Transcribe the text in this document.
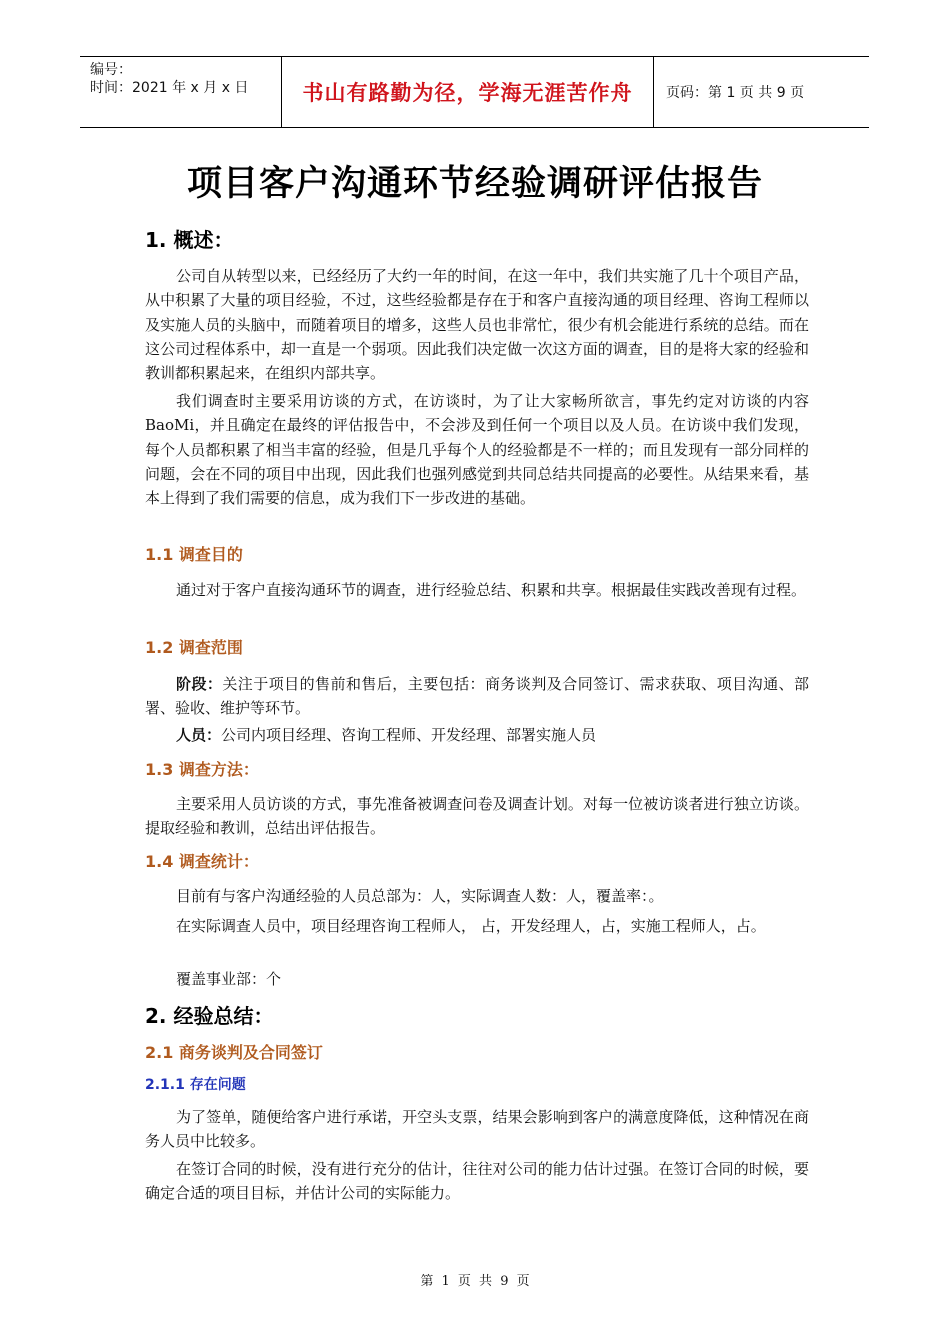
编号：
时间：2021 年 x 月 x 日	书山有路勤为径，学海无涯苦作舟 页码：第 1 页 共 9 页
项目客户沟通环节经验调研评估报告
1. 概述：
公司自从转型以来，已经经历了大约一年的时间，在这一年中，我们共实施了几十个项目产品，从中积累了大量的项目经验，不过，这些经验都是存在于和客户直接沟通的项目经理、咨询工程师以及实施人员的头脑中，而随着项目的增多，这些人员也非常忙，很少有机会能进行系统的总结。而在这公司过程体系中，却一直是一个弱项。因此我们决定做一次这方面的调查，目的是将大家的经验和教训都积累起来，在组织内部共享。
我们调查时主要采用访谈的方式，在访谈时，为了让大家畅所欲言，事先约定对访谈的内容 BaoMi，并且确定在最终的评估报告中，不会涉及到任何一个项目以及人员。在访谈中我们发现，每个人员都积累了相当丰富的经验，但是几乎每个人的经验都是不一样的；而且发现有一部分同样的问题，会在不同的项目中出现，因此我们也强列感觉到共同总结共同提高的必要性。从结果来看，基本上得到了我们需要的信息，成为我们下一步改进的基础。
1.1 调查目的
通过对于客户直接沟通环节的调查，进行经验总结、积累和共享。根据最佳实践改善现有过程。
1.2 调查范围
阶段：关注于项目的售前和售后，主要包括：商务谈判及合同签订、需求获取、项目沟通、部署、验收、维护等环节。
人员：公司内项目经理、咨询工程师、开发经理、部署实施人员
1.3 调查方法：
主要采用人员访谈的方式，事先准备被调查问卷及调查计划。对每一位被访谈者进行独立访谈。提取经验和教训，总结出评估报告。
1.4 调查统计：
目前有与客户沟通经验的人员总部为：人，实际调查人数：人，覆盖率：。
在实际调查人员中，项目经理咨询工程师人， 占，开发经理人，占，实施工程师人，占。
覆盖事业部：个
2. 经验总结：
2.1 商务谈判及合同签订
2.1.1 存在问题
为了签单，随便给客户进行承诺，开空头支票，结果会影响到客户的满意度降低，这种情况在商务人员中比较多。
在签订合同的时候，没有进行充分的估计，往往对公司的能力估计过强。在签订合同的时候，要确定合适的项目目标，并估计公司的实际能力。
第 1 页 共 9 页
